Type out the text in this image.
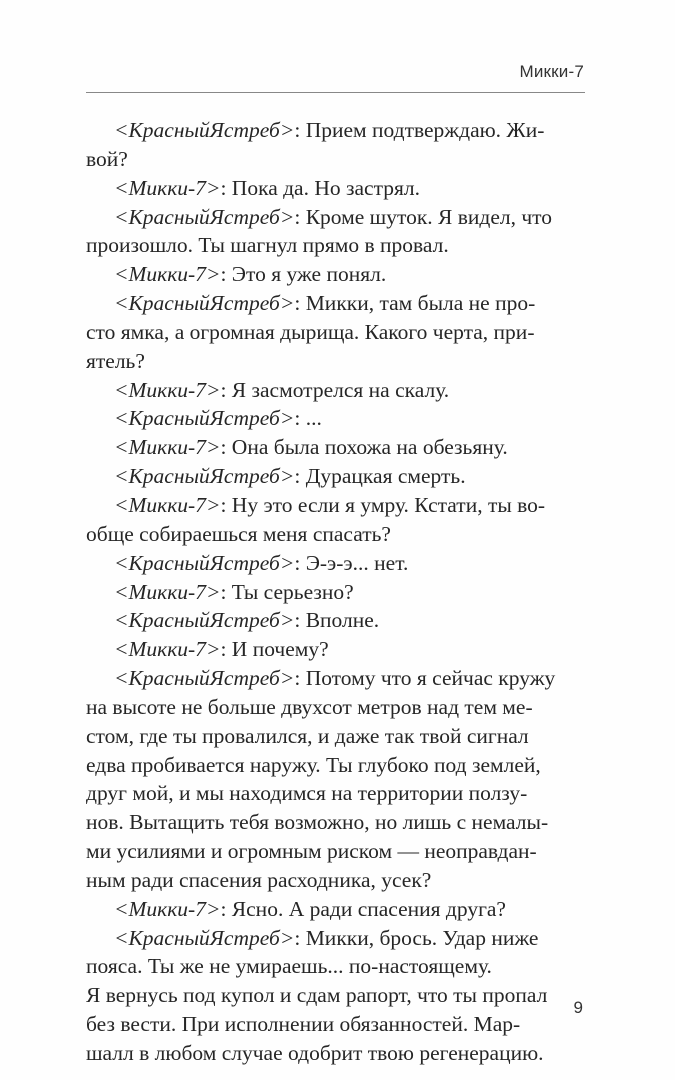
Микки-7
<КрасныйЯстреб>: Прием подтверждаю. Жи-
вой?
<Микки-7>: Пока да. Но застрял.
<КрасныйЯстреб>: Кроме шуток. Я видел, что
произошло. Ты шагнул прямо в провал.
<Микки-7>: Это я уже понял.
<КрасныйЯстреб>: Микки, там была не про-
сто ямка, а огромная дырища. Какого черта, при-
ятель?
<Микки-7>: Я засмотрелся на скалу.
<КрасныйЯстреб>: ...
<Микки-7>: Она была похожа на обезьяну.
<КрасныйЯстреб>: Дурацкая смерть.
<Микки-7>: Ну это если я умру. Кстати, ты во-
обще собираешься меня спасать?
<КрасныйЯстреб>: Э-э-э... нет.
<Микки-7>: Ты серьезно?
<КрасныйЯстреб>: Вполне.
<Микки-7>: И почему?
<КрасныйЯстреб>: Потому что я сейчас кружу
на высоте не больше двухсот метров над тем ме-
стом, где ты провалился, и даже так твой сигнал
едва пробивается наружу. Ты глубоко под землей,
друг мой, и мы находимся на территории ползу-
нов. Вытащить тебя возможно, но лишь с немалы-
ми усилиями и огромным риском — неоправдан-
ным ради спасения расходника, усек?
<Микки-7>: Ясно. А ради спасения друга?
<КрасныйЯстреб>: Микки, брось. Удар ниже
пояса. Ты же не умираешь... по-настоящему.
Я вернусь под купол и сдам рапорт, что ты пропал
без вести. При исполнении обязанностей. Мар-
шалл в любом случае одобрит твою регенерацию.
9
